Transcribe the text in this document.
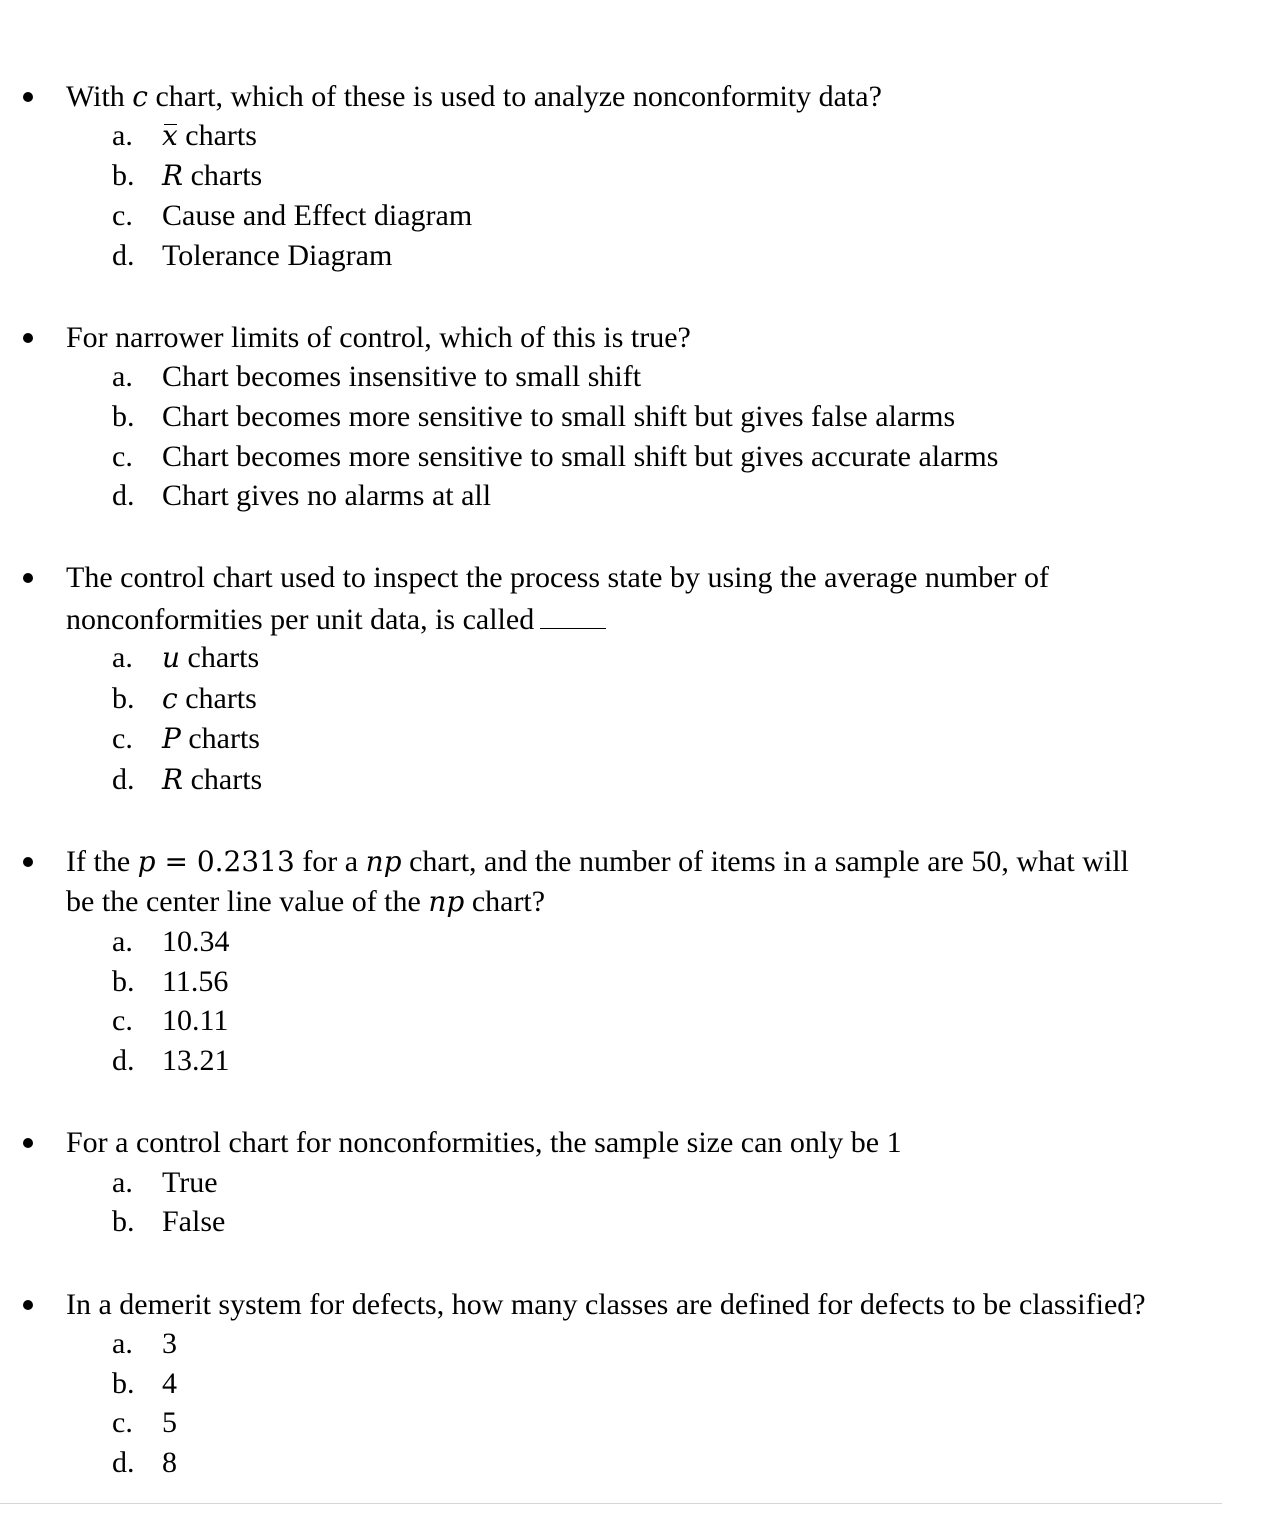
With c chart, which of these is used to analyze nonconformity data?
a. x charts
b. R charts
c. Cause and Effect diagram
d. Tolerance Diagram
For narrower limits of control, which of this is true?
a. Chart becomes insensitive to small shift
b. Chart becomes more sensitive to small shift but gives false alarms
c. Chart becomes more sensitive to small shift but gives accurate alarms
d. Chart gives no alarms at all
The control chart used to inspect the process state by using the average number of
nonconformities per unit data, is called
a. u charts
b. c charts
c. P charts
d. R charts
If the p = 0.2313 for a np chart, and the number of items in a sample are 50, what will
be the center line value of the np chart?
a. 10.34
b. 11.56
c. 10.11
d. 13.21
For a control chart for nonconformities, the sample size can only be 1
a. True
b. False
In a demerit system for defects, how many classes are defined for defects to be classified?
a. 3
b. 4
c. 5
d. 8
